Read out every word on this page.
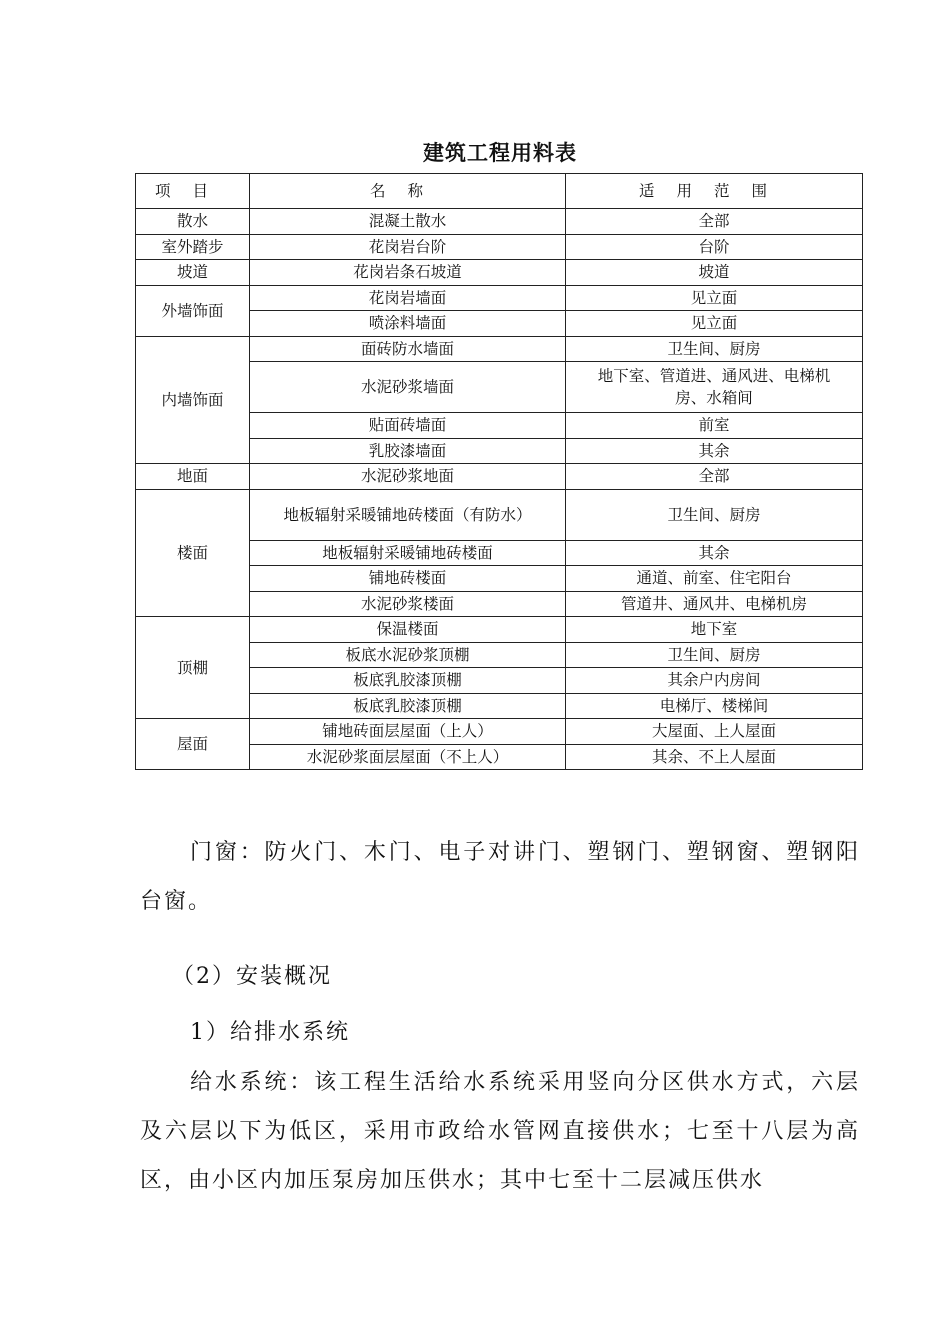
建筑工程用料表
项目	名称	适用范围
散水	混凝土散水	全部
室外踏步	花岗岩台阶	台阶
坡道	花岗岩条石坡道	坡道
外墙饰面	花岗岩墙面	见立面
	喷涂料墙面	见立面
内墙饰面	面砖防水墙面	卫生间、厨房
	水泥砂浆墙面	地下室、管道进、通风进、电梯机房、水箱间
	贴面砖墙面	前室
	乳胶漆墙面	其余
地面	水泥砂浆地面	全部
楼面	地板辐射采暖铺地砖楼面（有防水）	卫生间、厨房
	地板辐射采暖铺地砖楼面	其余
	铺地砖楼面	通道、前室、住宅阳台
	水泥砂浆楼面	管道井、通风井、电梯机房
顶棚	保温楼面	地下室
	板底水泥砂浆顶棚	卫生间、厨房
	板底乳胶漆顶棚	其余户内房间
	板底乳胶漆顶棚	电梯厅、楼梯间
屋面	铺地砖面层屋面（上人）	大屋面、上人屋面
	水泥砂浆面层屋面（不上人）	其余、不上人屋面
门窗：防火门、木门、电子对讲门、塑钢门、塑钢窗、塑钢阳台窗。
（2）安装概况
1）给排水系统
给水系统：该工程生活给水系统采用竖向分区供水方式，六层及六层以下为低区，采用市政给水管网直接供水；七至十八层为高区，由小区内加压泵房加压供水；其中七至十二层减压供水
